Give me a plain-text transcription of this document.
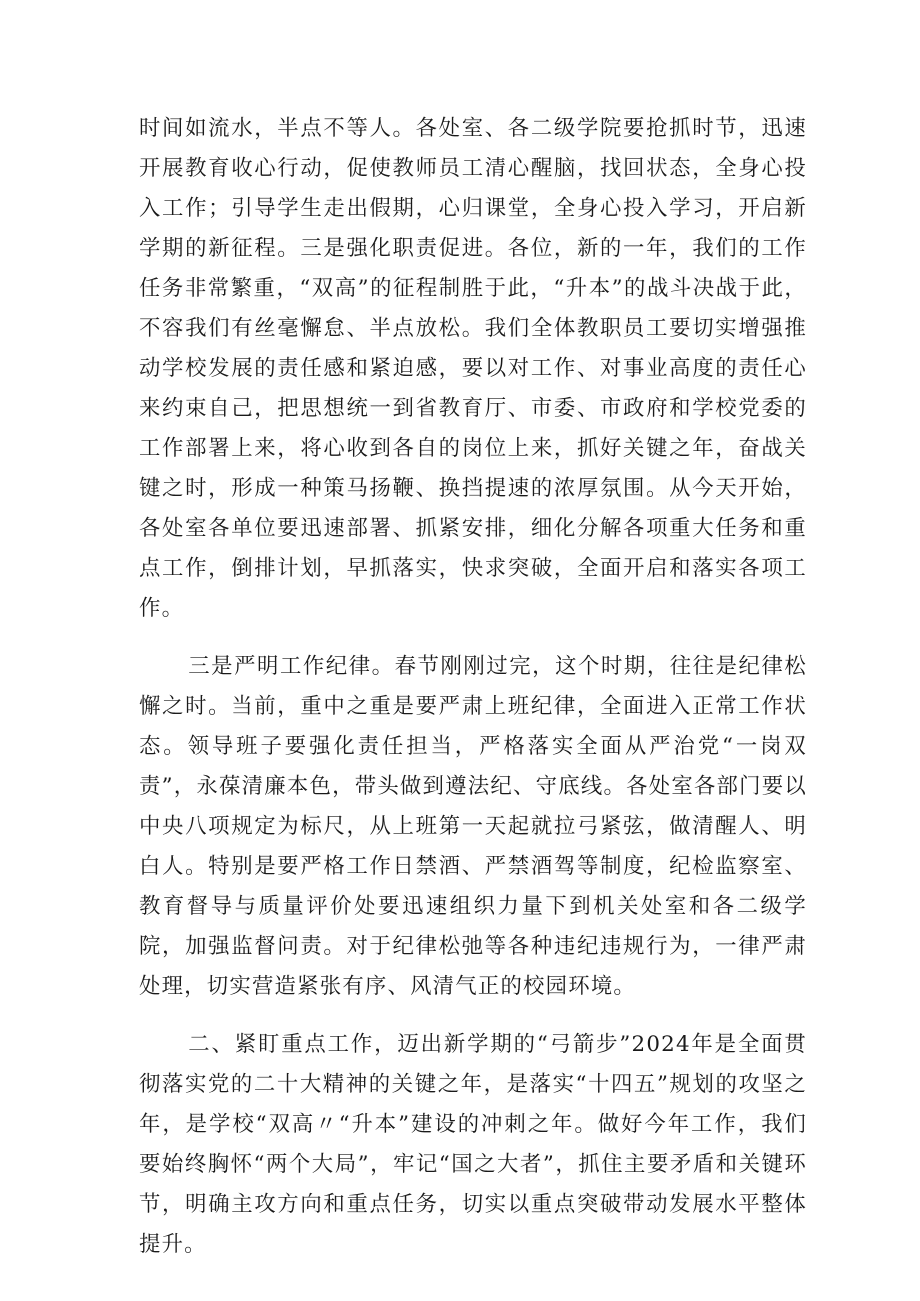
时间如流水，半点不等人。各处室、各二级学院要抢抓时节，迅速开展教育收心行动，促使教师员工清心醒脑，找回状态，全身心投入工作；引导学生走出假期，心归课堂，全身心投入学习，开启新学期的新征程。三是强化职责促进。各位，新的一年，我们的工作任务非常繁重，“双高”的征程制胜于此，“升本”的战斗决战于此，不容我们有丝毫懈怠、半点放松。我们全体教职员工要切实增强推动学校发展的责任感和紧迫感，要以对工作、对事业高度的责任心来约束自己，把思想统一到省教育厅、市委、市政府和学校党委的工作部署上来，将心收到各自的岗位上来，抓好关键之年，奋战关键之时，形成一种策马扬鞭、换挡提速的浓厚氛围。从今天开始，各处室各单位要迅速部署、抓紧安排，细化分解各项重大任务和重点工作，倒排计划，早抓落实，快求突破，全面开启和落实各项工作。

三是严明工作纪律。春节刚刚过完，这个时期，往往是纪律松懈之时。当前，重中之重是要严肃上班纪律，全面进入正常工作状态。领导班子要强化责任担当，严格落实全面从严治党“一岗双责”，永葆清廉本色，带头做到遵法纪、守底线。各处室各部门要以中央八项规定为标尺，从上班第一天起就拉弓紧弦，做清醒人、明白人。特别是要严格工作日禁酒、严禁酒驾等制度，纪检监察室、教育督导与质量评价处要迅速组织力量下到机关处室和各二级学院，加强监督问责。对于纪律松弛等各种违纪违规行为，一律严肃处理，切实营造紧张有序、风清气正的校园环境。

二、紧盯重点工作，迈出新学期的“弓箭步”2024年是全面贯彻落实党的二十大精神的关键之年，是落实“十四五”规划的攻坚之年，是学校“双高〃“升本”建设的冲刺之年。做好今年工作，我们要始终胸怀“两个大局”，牢记“国之大者”，抓住主要矛盾和关键环节，明确主攻方向和重点任务，切实以重点突破带动发展水平整体提升。
